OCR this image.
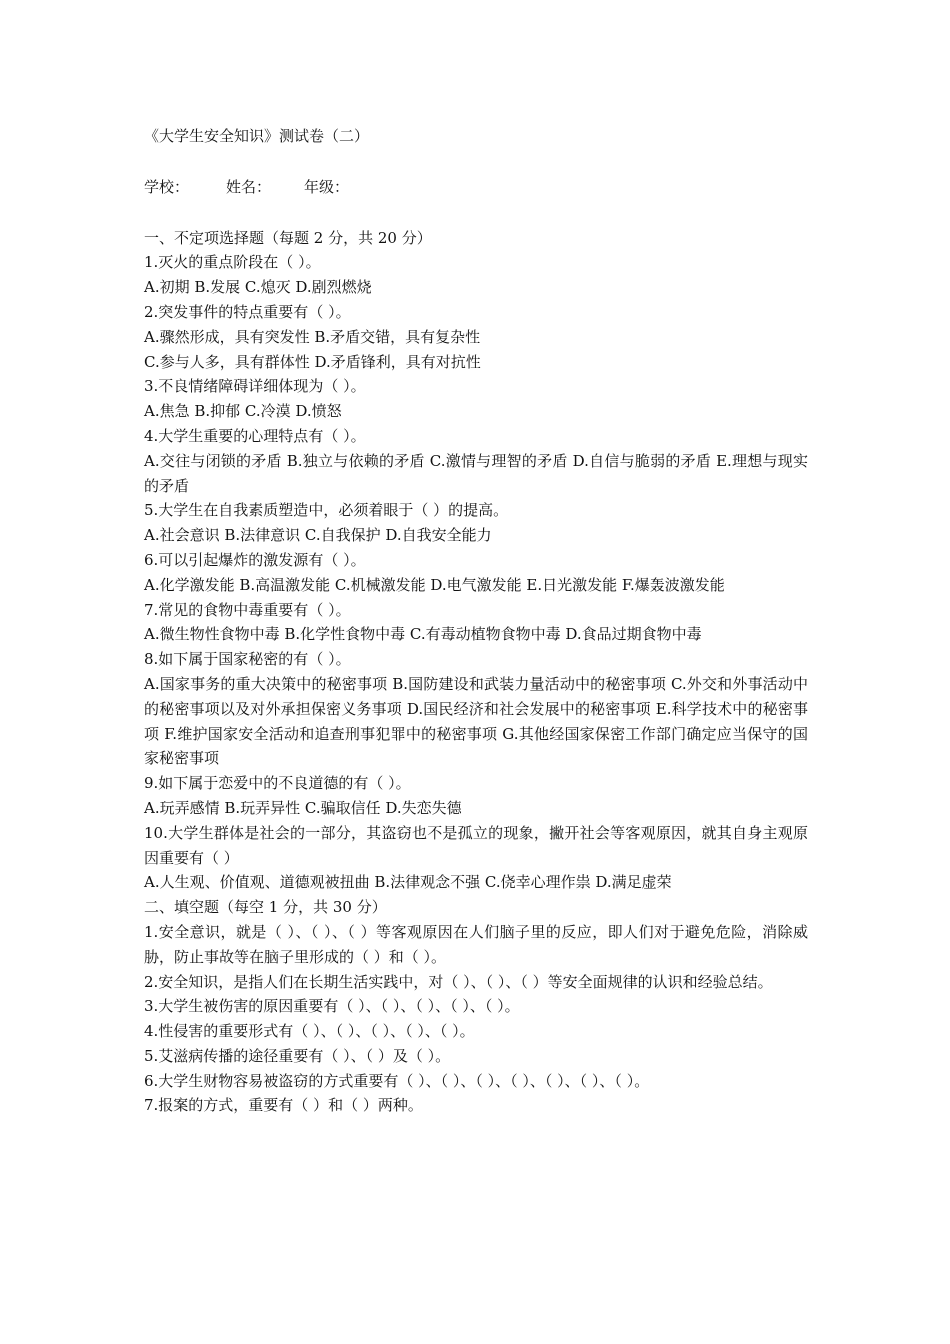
《大学生安全知识》测试卷（二）

学校： 姓名： 年级：

一、不定项选择题（每题 2 分，共 20 分）

1.灭火的重点阶段在（ ）。

A.初期 B.发展 C.熄灭 D.剧烈燃烧

2.突发事件的特点重要有（ ）。

A.骤然形成，具有突发性 B.矛盾交错，具有复杂性

C.参与人多，具有群体性 D.矛盾锋利，具有对抗性

3.不良情绪障碍详细体现为（ ）。

A.焦急 B.抑郁 C.冷漠 D.愤怒

4.大学生重要的心理特点有（ ）。

A.交往与闭锁的矛盾 B.独立与依赖的矛盾 C.激情与理智的矛盾 D.自信与脆弱的矛盾 E.理想与现实的矛盾

5.大学生在自我素质塑造中，必须着眼于（ ）的提高。

A.社会意识 B.法律意识 C.自我保护 D.自我安全能力

6.可以引起爆炸的激发源有（ ）。

A.化学激发能 B.高温激发能 C.机械激发能 D.电气激发能 E.日光激发能 F.爆轰波激发能

7.常见的食物中毒重要有（ ）。

A.微生物性食物中毒 B.化学性食物中毒 C.有毒动植物食物中毒 D.食品过期食物中毒

8.如下属于国家秘密的有（ ）。

A.国家事务的重大决策中的秘密事项 B.国防建设和武装力量活动中的秘密事项 C.外交和外事活动中的秘密事项以及对外承担保密义务事项 D.国民经济和社会发展中的秘密事项 E.科学技术中的秘密事项 F.维护国家安全活动和追查刑事犯罪中的秘密事项 G.其他经国家保密工作部门确定应当保守的国家秘密事项

9.如下属于恋爱中的不良道德的有（ ）。

A.玩弄感情 B.玩弄异性 C.骗取信任 D.失恋失德

10.大学生群体是社会的一部分，其盗窃也不是孤立的现象，撇开社会等客观原因，就其自身主观原因重要有（ ）

A.人生观、价值观、道德观被扭曲 B.法律观念不强 C.侥幸心理作祟 D.满足虚荣

二、填空题（每空 1 分，共 30 分）

1.安全意识，就是（ ）、（ ）、（ ）等客观原因在人们脑子里的反应，即人们对于避免危险，消除威胁，防止事故等在脑子里形成的（ ）和（ ）。

2.安全知识，是指人们在长期生活实践中，对（ ）、（ ）、（ ）等安全面规律的认识和经验总结。

3.大学生被伤害的原因重要有（ ）、（ ）、（ ）、（ ）、（ ）。

4.性侵害的重要形式有（ ）、（ ）、（ ）、（ ）、（ ）。

5.艾滋病传播的途径重要有（ ）、（ ）及（ ）。

6.大学生财物容易被盗窃的方式重要有（ ）、（ ）、（ ）、（ ）、（ ）、（ ）、（ ）。

7.报案的方式，重要有（ ）和（ ）两种。
